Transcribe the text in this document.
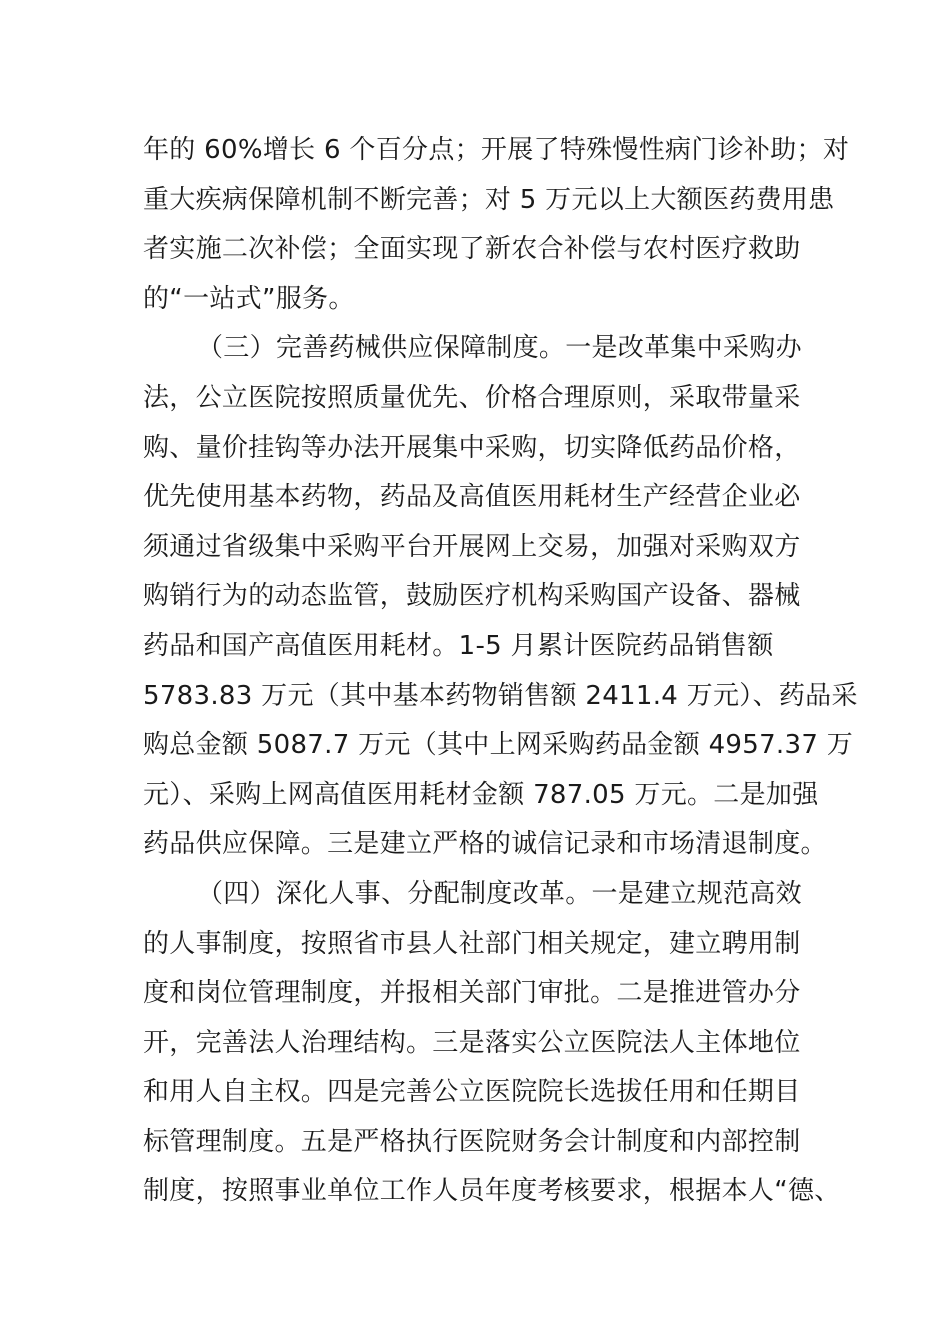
年的 60%增长 6 个百分点；开展了特殊慢性病门诊补助；对
重大疾病保障机制不断完善；对 5 万元以上大额医药费用患
者实施二次补偿；全面实现了新农合补偿与农村医疗救助
的“一站式”服务。
（三）完善药械供应保障制度。一是改革集中采购办
法，公立医院按照质量优先、价格合理原则，采取带量采
购、量价挂钩等办法开展集中采购，切实降低药品价格，
优先使用基本药物，药品及高值医用耗材生产经营企业必
须通过省级集中采购平台开展网上交易，加强对采购双方
购销行为的动态监管，鼓励医疗机构采购国产设备、器械
药品和国产高值医用耗材。1-5 月累计医院药品销售额
5783.83 万元（其中基本药物销售额 2411.4 万元）、药品采
购总金额 5087.7 万元（其中上网采购药品金额 4957.37 万
元）、采购上网高值医用耗材金额 787.05 万元。二是加强
药品供应保障。三是建立严格的诚信记录和市场清退制度。
（四）深化人事、分配制度改革。一是建立规范高效
的人事制度，按照省市县人社部门相关规定，建立聘用制
度和岗位管理制度，并报相关部门审批。二是推进管办分
开，完善法人治理结构。三是落实公立医院法人主体地位
和用人自主权。四是完善公立医院院长选拔任用和任期目
标管理制度。五是严格执行医院财务会计制度和内部控制
制度，按照事业单位工作人员年度考核要求，根据本人“德、
